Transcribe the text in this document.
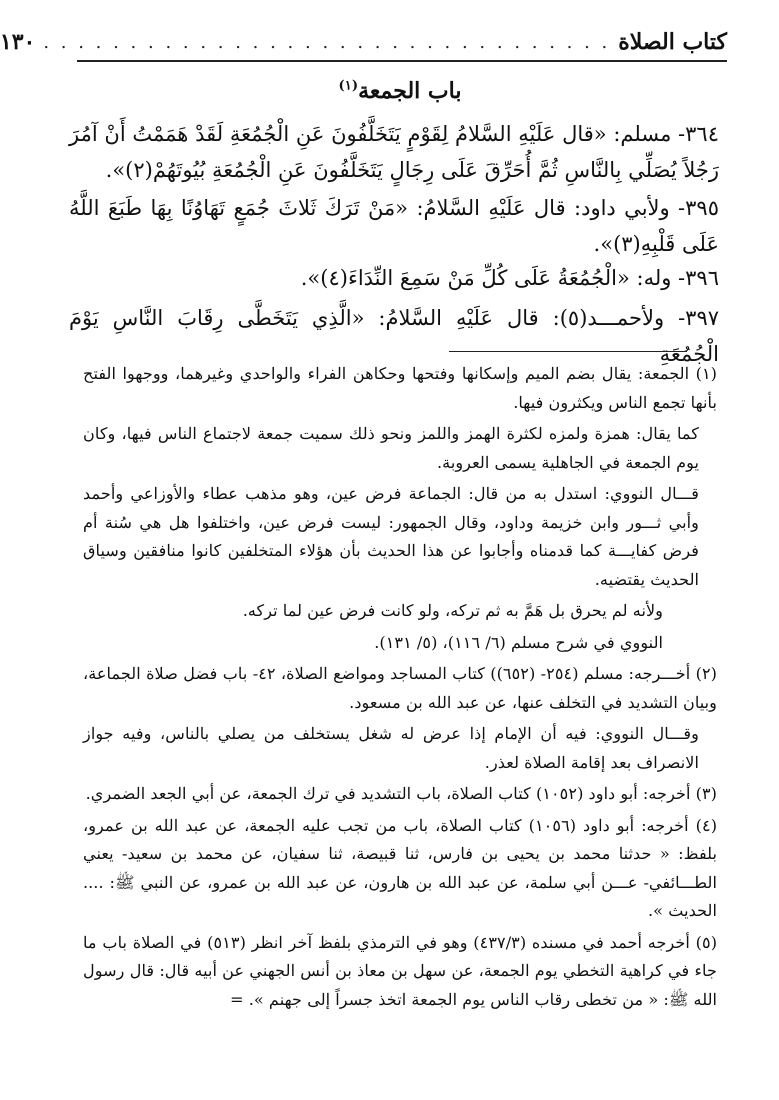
كتاب الصلاة
. . . . . . . . . . . . . . . . . . . . . . . . . . . . . . . . .
١٣٠
باب الجمعة$^{(١)}$
٣٦٤- مسلم: «قال عَلَيْهِ السَّلامُ لِقَوْمٍ يَتَخَلَّفُونَ عَنِ الْجُمُعَةِ لَقَدْ هَمَمْتُ أَنْ آمُرَ رَجُلاً يُصَلِّي بِالنَّاسِ ثُمَّ أُحَرِّقَ عَلَى رِجَالٍ يَتَخَلَّفُونَ عَنِ الْجُمُعَةِ بُيُوتَهُمْ(٢)».
٣٩٥- ولأبي داود: قال عَلَيْهِ السَّلامُ: «مَنْ تَرَكَ ثَلاثَ جُمَعٍ تَهَاوُنًا بِهَا طَبَعَ اللَّهُ عَلَى قَلْبِهِ(٣)».
٣٩٦- وله: «الْجُمُعَةُ عَلَى كُلِّ مَنْ سَمِعَ النِّدَاءَ(٤)».
٣٩٧- ولأحمـــد(٥): قال عَلَيْهِ السَّلامُ: «الَّذِي يَتَخَطَّى رِقَابَ النَّاسِ يَوْمَ الْجُمُعَةِ

(١) الجمعة: يقال بضم الميم وإسكانها وفتحها وحكاهن الفراء والواحدي وغيرهما، ووجهوا الفتح بأنها تجمع الناس ويكثرون فيها.

كما يقال: همزة ولمزه لكثرة الهمز واللمز ونحو ذلك سميت جمعة لاجتماع الناس فيها، وكان يوم الجمعة في الجاهلية يسمى العروبة.

قـــال النووي: استدل به من قال: الجماعة فرض عين، وهو مذهب عطاء والأوزاعي وأحمد وأبي ثـــور وابن خزيمة وداود، وقال الجمهور: ليست فرض عين، واختلفوا هل هي سُنة أم فرض كفايـــة كما قدمناه وأجابوا عن هذا الحديث بأن هؤلاء المتخلفين كانوا منافقين وسياق الحديث يقتضيه.

ولأنه لم يحرق بل هَمَّ به ثم تركه، ولو كانت فرض عين لما تركه.

النووي في شرح مسلم (٦/ ١١٦)، (٥/ ١٣١).

(٢) أخـــرجه: مسلم (٢٥٤- (٦٥٢)) كتاب المساجد ومواضع الصلاة، ٤٢- باب فضل صلاة الجماعة، وبيان التشديد في التخلف عنها، عن عبد الله بن مسعود.

وقـــال النووي: فيه أن الإمام إذا عرض له شغل يستخلف من يصلي بالناس، وفيه جواز الانصراف بعد إقامة الصلاة لعذر.

(٣) أخرجه: أبو داود (١٠٥٢) كتاب الصلاة، باب التشديد في ترك الجمعة، عن أبي الجعد الضمري.

(٤) أخرجه: أبو داود (١٠٥٦) كتاب الصلاة، باب من تجب عليه الجمعة، عن عبد الله بن عمرو، بلفظ: « حدثنا محمد بن يحيى بن فارس، ثنا قبيصة، ثنا سفيان، عن محمد بن سعيد- يعني الطـــائفي- عـــن أبي سلمة، عن عبد الله بن هارون، عن عبد الله بن عمرو، عن النبي ﷺ: .... الحديث ».

(٥) أخرجه أحمد في مسنده (٤٣٧/٣) وهو في الترمذي بلفظ آخر انظر (٥١٣) في الصلاة باب ما جاء في كراهية التخطي يوم الجمعة، عن سهل بن معاذ بن أنس الجهني عن أبيه قال: قال رسول الله ﷺ: « من تخطى رقاب الناس يوم الجمعة اتخذ جسراً إلى جهنم ». =
